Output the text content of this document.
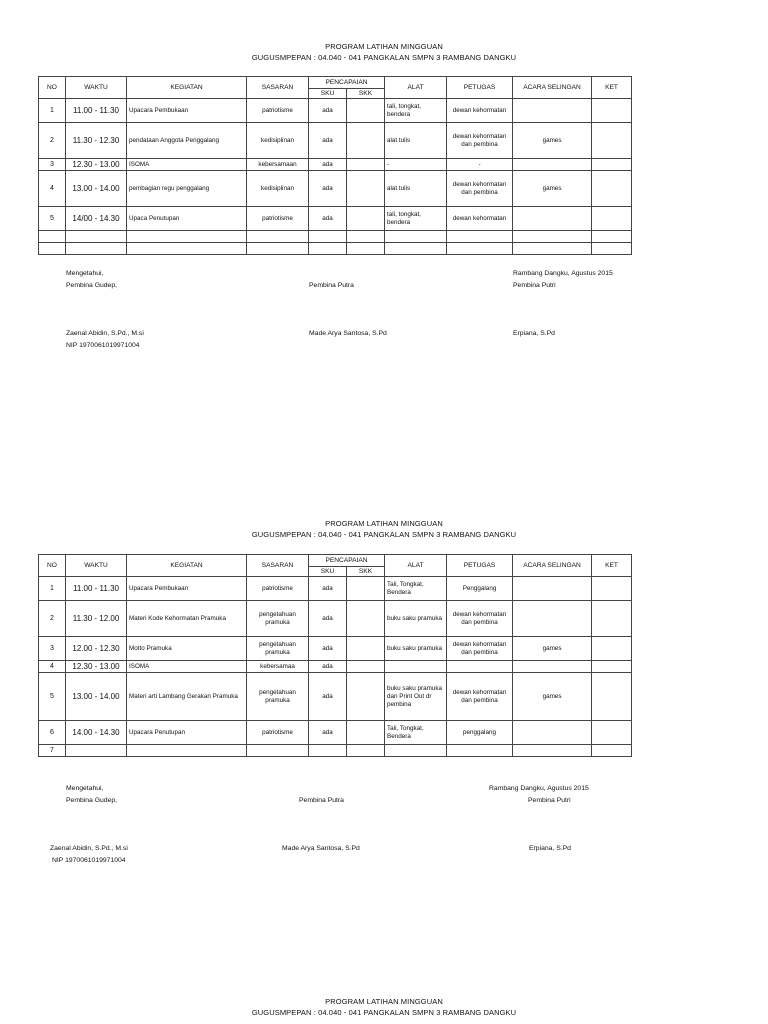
PROGRAM LATIHAN MINGGUAN
GUGUSMPEPAN : 04.040 - 041 PANGKALAN SMPN 3 RAMBANG DANGKU
NO	WAKTU	KEGIATAN	SASARAN	PENCAPAIAN		ALAT	PETUGAS	ACARA SELINGAN	KET
				SKU	SKK				
1	11.00 - 11.30	Upacara Pembukaan	patriotisme	ada		tali, tongkat, bendera	dewan kehormatan		
2	11.30 - 12.30	pendataan Anggota Penggalang	kedisiplinan	ada		alat tulis	dewan kehormatan dan pembina	games	
3	12.30 - 13.00	ISOMA	kebersamaan	ada		-	-		
4	13.00 - 14.00	pembagian regu penggalang	kedisiplinan	ada		alat tulis	dewan kehormatan dan pembina	games	
5	14/00 - 14.30	Upaca Penutupan	patriotisme	ada		tali, tongkat, bendera	dewan kehormatan		

Mengetahui,
Pembina Gudep,	Pembina Putra
Rambang Dangku, Agustus 2015
Pembina Putri
Zaenal Abidin, S.Pd., M.si
NIP 1970061019971004
Made Arya Santosa, S.Pd	Erpiana, S.Pd
PROGRAM LATIHAN MINGGUAN
GUGUSMPEPAN : 04.040 - 041 PANGKALAN SMPN 3 RAMBANG DANGKU
NO	WAKTU	KEGIATAN	SASARAN	PENCAPAIAN		ALAT	PETUGAS	ACARA SELINGAN	KET
				SKU	SKK				
1	11.00 - 11.30	Upacara Pembukaan	patriotisme	ada		Tali, Tongkat, Bendera	Penggalang		
2	11.30 - 12.00	Materi Kode Kehormatan Pramuka	pengetahuan pramuka	ada		buku saku pramuka	dewan kehormatan dan pembina		
3	12.00 - 12.30	Motto Pramuka	pengetahuan pramuka	ada		buku saku pramuka	dewan kehormatan dan pembina	games	
4	12.30 - 13.00	ISOMA	kebersamaa	ada					
5	13.00 - 14.00	Materi arti Lambang Gerakan Pramuka	pengetahuan pramuka	ada		buku saku pramuka dan Print Out dr pembina	dewan kehormatan dan pembina	games	
6	14.00 - 14.30	Upacara Penutupan	patriotisme	ada		Tali, Tongkat, Bendera	penggalang		
7									
Mengetahui,
Pembina Gudep,	Pembina Putra
Rambang Dangku, Agustus 2015
Pembina Putri
Zaenal Abidin, S.Pd., M.si
NIP 1970061019971004
Made Arya Santosa, S.Pd	Erpiana, S.Pd
PROGRAM LATIHAN MINGGUAN
GUGUSMPEPAN : 04.040 - 041 PANGKALAN SMPN 3 RAMBANG DANGKU
